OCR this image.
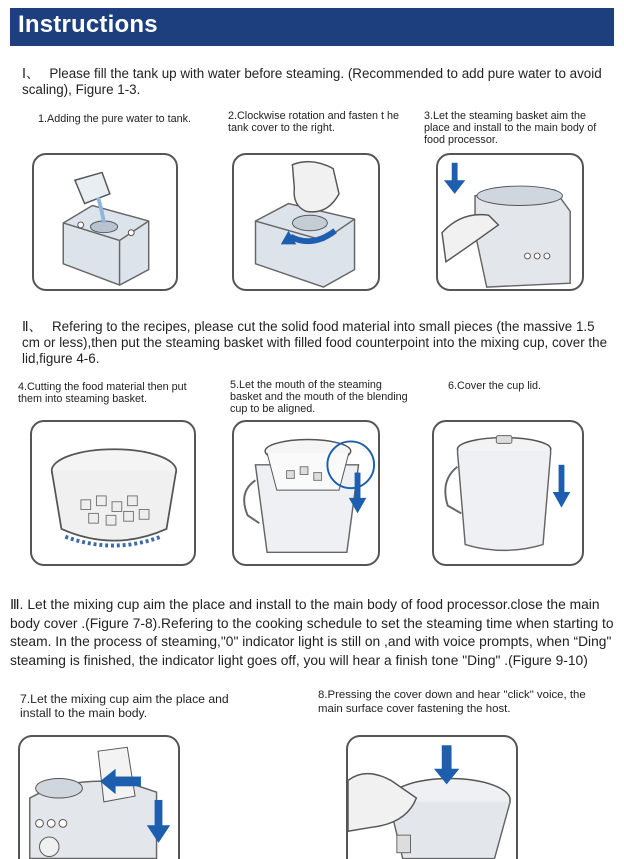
Instructions
Ⅰ、 Please fill the tank up with water before steaming. (Recommended to add pure water to avoid scaling), Figure 1-3.
1.Adding the pure water to tank.	2.Clockwise rotation and fasten t he tank cover to the right.
3.Let the steaming basket aim the place and install to the main body of food processor.
Ⅱ、 Refering to the recipes, please cut the solid food material into small pieces (the massive 1.5 cm or less),then put the steaming basket with filled food counterpoint into the mixing cup, cover the lid,figure 4-6.
4.Cutting the food material then put them into steaming basket.
5.Let the mouth of the steaming basket and the mouth of the blending cup to be aligned.
6.Cover the cup lid.
Ⅲ. Let the mixing cup aim the place and install to the main body of food processor.close the main body cover .(Figure 7-8).Refering to the cooking schedule to set the steaming time when starting to steam. In the process of steaming,"0" indicator light is still on ,and with voice prompts, when “Ding" steaming is finished, the indicator light goes off, you will hear a finish tone "Ding" .(Figure 9-10)
7.Let the mixing cup aim the place and install to the main body.
8.Pressing the cover down and hear "click" voice, the main surface cover fastening the host.
